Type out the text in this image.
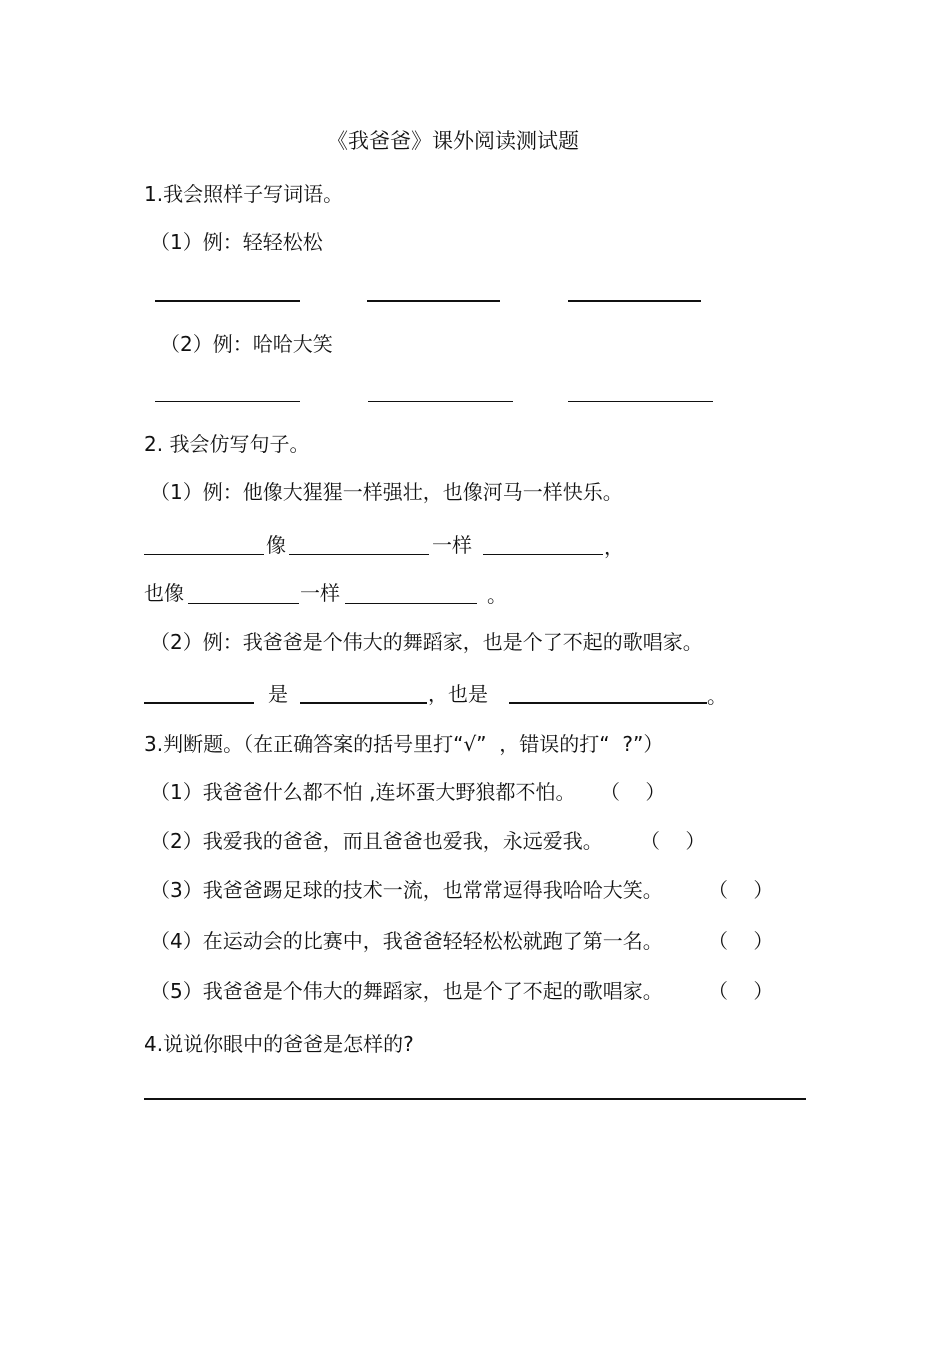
《我爸爸》课外阅读测试题
1.我会照样子写词语。
（1）例：轻轻松松
（2）例：哈哈大笑
2. 我会仿写句子。
（1）例：他像大猩猩一样强壮，也像河马一样快乐。
像	一样	，
也像	一样	。
（2）例：我爸爸是个伟大的舞蹈家，也是个了不起的歌唱家。
是	，也是	。
3.判断题。（在正确答案的括号里打“√”  ，错误的打“  ?”）
（1）我爸爸什么都不怕 ,连坏蛋大野狼都不怕。 （    ）
（2）我爱我的爸爸，而且爸爸也爱我，永远爱我。 （    ）
（3）我爸爸踢足球的技术一流，也常常逗得我哈哈大笑。 （    ）
（4）在运动会的比赛中，我爸爸轻轻松松就跑了第一名。 （    ）
（5）我爸爸是个伟大的舞蹈家，也是个了不起的歌唱家。 （    ）
4.说说你眼中的爸爸是怎样的?
